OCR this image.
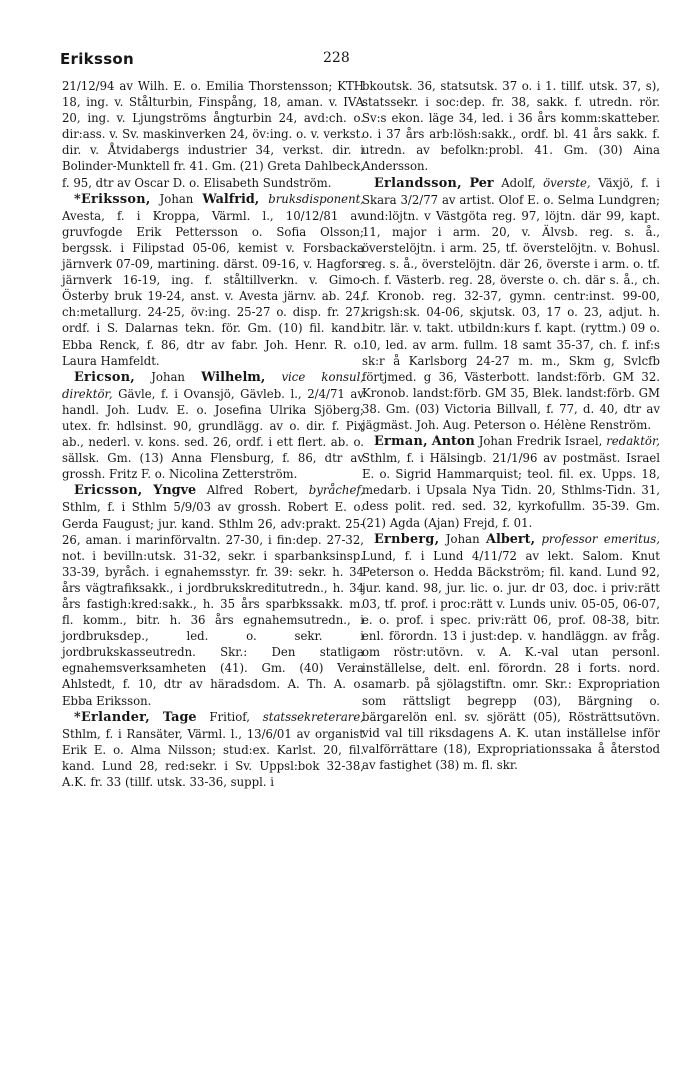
Eriksson	228

21/12/94 av Wilh. E. o. Emilia Thorstensson; KTH 18, ing. v. Stålturbin, Finspång, 18, aman. v. IVA 20, ing. v. Ljungströms ångturbin 24, avd:ch. o. dir:ass. v. Sv. maskinverken 24, öv:ing. o. v. verkst. dir. v. Åtvidabergs industrier 34, verkst. dir. i Bolinder-Munktell fr. 41. Gm. (21) Greta Dahlbeck, f. 95, dtr av Oscar D. o. Elisabeth Sundström.

*Eriksson, Johan Walfrid, bruksdisponent, Avesta, f. i Kroppa, Värml. l., 10/12/81 av gruvfogde Erik Pettersson o. Sofia Olsson; bergssk. i Filipstad 05-06, kemist v. Forsbacka järnverk 07-09, martining. därst. 09-16, v. Hagfors järnverk 16-19, ing. f. ståltillverkn. v. Gimo-Österby bruk 19-24, anst. v. Avesta järnv. ab. 24, ch:metallurg. 24-25, öv:ing. 25-27 o. disp. fr. 27, ordf. i S. Dalarnas tekn. för. Gm. (10) fil. kand. Ebba Renck, f. 86, dtr av fabr. Joh. Henr. R. o. Laura Hamfeldt.

Ericson, Johan Wilhelm, vice konsul, direktör, Gävle, f. i Ovansjö, Gävleb. l., 2/4/71 av handl. Joh. Ludv. E. o. Josefina Ulrika Sjöberg; utex. fr. hdlsinst. 90, grundlägg. av o. dir. f. Pix ab., nederl. v. kons. sed. 26, ordf. i ett flert. ab. o. sällsk. Gm. (13) Anna Flensburg, f. 86, dtr av grossh. Fritz F. o. Nicolina Zetterström.

Ericsson, Yngve Alfred Robert, byråchef, Sthlm, f. i Sthlm 5/9/03 av grossh. Robert E. o. Gerda Faugust; jur. kand. Sthlm 26, adv:prakt. 25-26, aman. i marinförvaltn. 27-30, i fin:dep. 27-32, not. i bevilln:utsk. 31-32, sekr. i sparbanksinsp. 33-39, byråch. i egnahemsstyr. fr. 39: sekr. h. 34 års vägtrafiksakk., i jordbrukskreditutredn., h. 34 års fastigh:kred:sakk., h. 35 års sparbkssakk. m. fl. komm., bitr. h. 36 års egnahemsutredn., i jordbruksdep., led. o. sekr. i jordbrukskasseutredn. Skr.: Den statliga egnahemsverksamheten (41). Gm. (40) Vera Ahlstedt, f. 10, dtr av häradsdom. A. Th. A. o. Ebba Eriksson.

*Erlander, Tage Fritiof, statssekreterare, Sthlm, f. i Ransäter, Värml. l., 13/6/01 av organist Erik E. o. Alma Nilsson; stud:ex. Karlst. 20, fil. kand. Lund 28, red:sekr. i Sv. Uppsl:bok 32-38, A.K. fr. 33 (tillf. utsk. 33-36, suppl. i

bkoutsk. 36, statsutsk. 37 o. i 1. tillf. utsk. 37, s), statssekr. i soc:dep. fr. 38, sakk. f. utredn. rör. Sv:s ekon. läge 34, led. i 36 års komm:skatteber. o. i 37 års arb:lösh:sakk., ordf. bl. 41 års sakk. f. utredn. av befolkn:probl. 41. Gm. (30) Aina Andersson.

Erlandsson, Per Adolf, överste, Växjö, f. i Skara 3/2/77 av artist. Olof E. o. Selma Lundgren; und:löjtn. v Västgöta reg. 97, löjtn. där 99, kapt. 11, major i arm. 20, v. Älvsb. reg. s. å., överstelöjtn. i arm. 25, tf. överstelöjtn. v. Bohusl. reg. s. å., överstelöjtn. där 26, överste i arm. o. tf. ch. f. Västerb. reg. 28, överste o. ch. där s. å., ch. f. Kronob. reg. 32-37, gymn. centr:inst. 99-00, krigsh:sk. 04-06, skjutsk. 03, 17 o. 23, adjut. h. bitr. lär. v. takt. utbildn:kurs f. kapt. (ryttm.) 09 o. 10, led. av arm. fullm. 18 samt 35-37, ch. f. inf:s sk:r å Karlsborg 24-27 m. m., Skm g, Svlcfb förtjmed. g 36, Västerbott. landst:förb. GM 32. Kronob. landst:förb. GM 35, Blek. landst:förb. GM 38. Gm. (03) Victoria Billvall, f. 77, d. 40, dtr av jägmäst. Joh. Aug. Peterson o. Hélène Renström.

Erman, Anton Johan Fredrik Israel, redaktör, Sthlm, f. i Hälsingb. 21/1/96 av postmäst. Israel E. o. Sigrid Hammarquist; teol. fil. ex. Upps. 18, medarb. i Upsala Nya Tidn. 20, Sthlms-Tidn. 31, dess polit. red. sed. 32, kyrkofullm. 35-39. Gm. (21) Agda (Ajan) Frejd, f. 01.

Ernberg, Johan Albert, professor emeritus, Lund, f. i Lund 4/11/72 av lekt. Salom. Knut Peterson o. Hedda Bäckström; fil. kand. Lund 92, jur. kand. 98, jur. lic. o. jur. dr 03, doc. i priv:rätt 03, tf. prof. i proc:rätt v. Lunds univ. 05-05, 06-07, e. o. prof. i spec. priv:rätt 06, prof. 08-38, bitr. enl. förordn. 13 i just:dep. v. handläggn. av fråg. om röstr:utövn. v. A. K.-val utan personl. inställelse, delt. enl. förordn. 28 i forts. nord. samarb. på sjölagstiftn. omr. Skr.: Expropriation som rättsligt begrepp (03), Bärgning o. bärgarelön enl. sv. sjörätt (05), Rösträttsutövn. vid val till riksdagens A. K. utan inställelse inför valförrättare (18), Expropriationssaka å återstod av fastighet (38) m. fl. skr.
